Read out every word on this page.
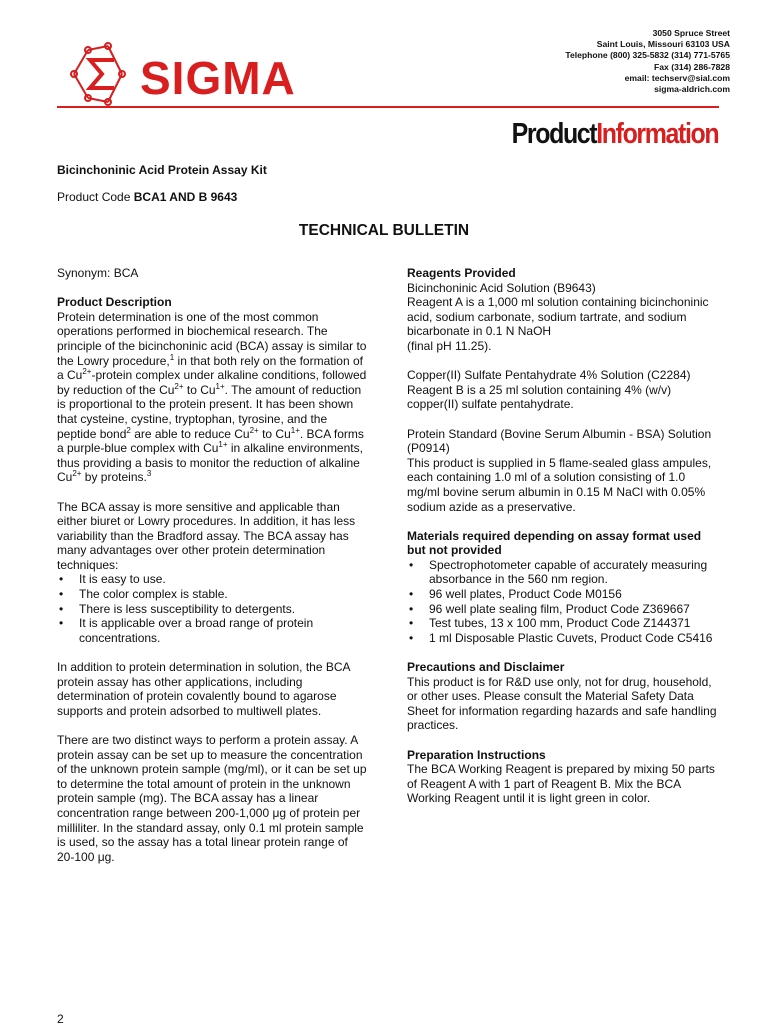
SIGMA
3050 Spruce Street
Saint Louis, Missouri 63103 USA
Telephone (800) 325-5832 (314) 771-5765
Fax (314) 286-7828
email: techserv@sial.com
sigma-aldrich.com
ProductInformation
Bicinchoninic Acid Protein Assay Kit
Product Code BCA1 AND B 9643
TECHNICAL BULLETIN

Synonym: BCA

Product Description

Protein determination is one of the most common operations performed in biochemical research. The principle of the bicinchoninic acid (BCA) assay is similar to the Lowry procedure,$^1$ in that both rely on the formation of a $Cu^{2+}$-protein complex under alkaline conditions, followed by reduction of the $Cu^{2+}$ to $Cu^{1+}$. The amount of reduction is proportional to the protein present. It has been shown that cysteine, cystine, tryptophan, tyrosine, and the peptide bond$^2$ are able to reduce $Cu^{2+}$ to $Cu^{1+}$. BCA forms a purple-blue complex with $Cu^{1+}$ in alkaline environments, thus providing a basis to monitor the reduction of alkaline $Cu^{2+}$ by proteins.$^3$

The BCA assay is more sensitive and applicable than either biuret or Lowry procedures. In addition, it has less variability than the Bradford assay. The BCA assay has many advantages over other protein determination techniques:

• It is easy to use.
• The color complex is stable.
• There is less susceptibility to detergents.
• It is applicable over a broad range of protein concentrations.

In addition to protein determination in solution, the BCA protein assay has other applications, including determination of protein covalently bound to agarose supports and protein adsorbed to multiwell plates.

There are two distinct ways to perform a protein assay. A protein assay can be set up to measure the concentration of the unknown protein sample (mg/ml), or it can be set up to determine the total amount of protein in the unknown protein sample (mg). The BCA assay has a linear concentration range between 200-1,000 μg of protein per milliliter. In the standard assay, only 0.1 ml protein sample is used, so the assay has a total linear protein range of 20-100 μg.

Reagents Provided

Bicinchoninic Acid Solution (B9643)
Reagent A is a 1,000 ml solution containing bicinchoninic acid, sodium carbonate, sodium tartrate, and sodium bicarbonate in 0.1 N NaOH
(final pH 11.25).

Copper(II) Sulfate Pentahydrate 4% Solution (C2284)
Reagent B is a 25 ml solution containing 4% (w/v) copper(II) sulfate pentahydrate.

Protein Standard (Bovine Serum Albumin - BSA) Solution (P0914)
This product is supplied in 5 flame-sealed glass ampules, each containing 1.0 ml of a solution consisting of 1.0 mg/ml bovine serum albumin in 0.15 M NaCl with 0.05% sodium azide as a preservative.

Materials required depending on assay format used but not provided
• Spectrophotometer capable of accurately measuring absorbance in the 560 nm region.
• 96 well plates, Product Code M0156
• 96 well plate sealing film, Product Code Z369667
• Test tubes, 13 x 100 mm, Product Code Z144371
• 1 ml Disposable Plastic Cuvets, Product Code C5416
Precautions and Disclaimer

This product is for R&D use only, not for drug, household, or other uses. Please consult the Material Safety Data Sheet for information regarding hazards and safe handling practices.

Preparation Instructions

The BCA Working Reagent is prepared by mixing 50 parts of Reagent A with 1 part of Reagent B. Mix the BCA Working Reagent until it is light green in color.

2
